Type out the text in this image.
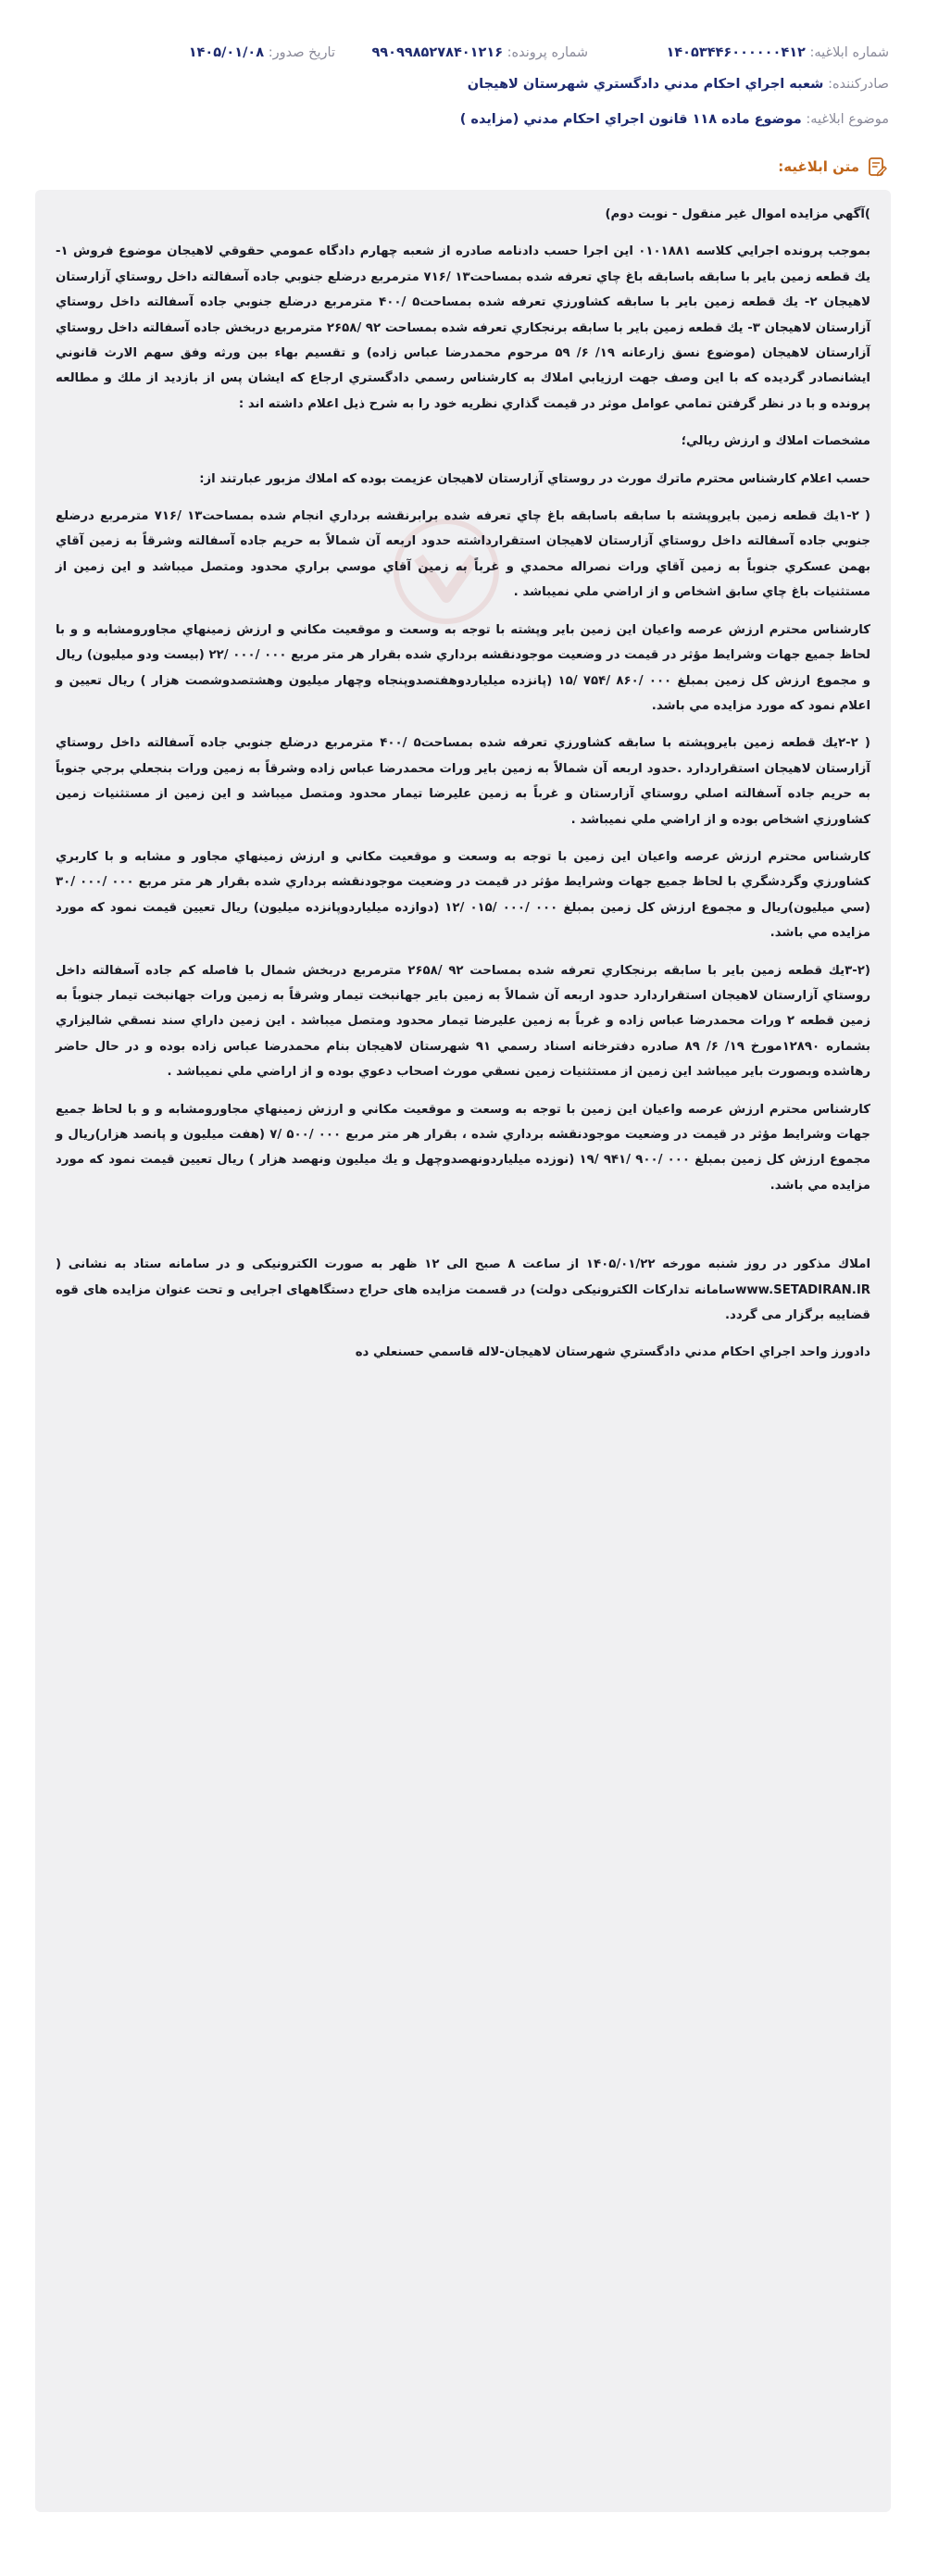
شماره ابلاغیه: ۱۴۰۵۳۴۴۶۰۰۰۰۰۰۴۱۲
شماره پرونده: ۹۹۰۹۹۸۵۲۷۸۴۰۱۲۱۶
تاریخ صدور: ۱۴۰۵/۰۱/۰۸
صادرکننده: شعبه اجراي احكام مدني دادگستري شهرستان لاهيجان
موضوع ابلاغیه: موضوع ماده ۱۱۸ قانون اجراي احكام مدني (مزايده )
متن ابلاغیه:

)آگهي مزايده اموال غير منقول - نوبت دوم)

بموجب پرونده اجرايي كلاسه ۰۱۰۱۸۸۱ اين اجرا حسب دادنامه صادره از شعبه چهارم دادگاه عمومي حقوقي لاهيجان موضوع فروش ۱- يك قطعه زمين باير با سابقه باسابقه باغ چاي تعرفه شده بمساحت۱۳ /۷۱۶ مترمربع درضلع جنوبي جاده آسفالته داخل روستاي آزارستان لاهيجان ۲- يك قطعه زمين باير با سابقه كشاورزي تعرفه شده بمساحت۵ /۴۰۰ مترمربع درضلع جنوبي جاده آسفالته داخل روستاي آزارستان لاهيجان ۳- يك قطعه زمين باير با سابقه برنجكاري تعرفه شده بمساحت ۹۲ /۲۶۵۸ مترمربع دربخش جاده آسفالته داخل روستاي آزارستان لاهيجان (موضوع نسق زارعانه ۱۹/ ۶/ ۵۹ مرحوم محمدرضا عباس زاده) و تقسيم بهاء بين ورثه وفق سهم الارث قانوني ايشانصادر گرديده كه با اين وصف جهت ارزيابي املاك به كارشناس رسمي دادگستري ارجاع كه ايشان پس از بازديد از ملك و مطالعه پرونده و با در نظر گرفتن تمامي عوامل موثر در قيمت گذاري نظريه خود را به شرح ذيل اعلام داشته اند :

مشخصات املاك و ارزش ريالي؛

حسب اعلام كارشناس محترم ماترك مورث در روستاي آزارستان لاهيجان عزيمت بوده كه املاك مزبور عبارتند از:

( ۱-۲يك قطعه زمين بايروپشته با سابقه باسابقه باغ چاي تعرفه شده برابرنقشه برداري انجام شده بمساحت۱۳ /۷۱۶ مترمربع درضلع جنوبي جاده آسفالته داخل روستاي آزارستان لاهيجان استقرارداشته حدود اربعه آن شمالاً به حريم جاده آسفالته وشرقاً به زمين آقاي بهمن عسكري جنوباً به زمين آقاي ورات نصراله محمدي و غرباً به زمين آقاي موسي براري محدود ومتصل ميباشد و اين زمين از مستثنيات باغ چاي سابق اشخاص و از اراضي ملي نميباشد .

كارشناس محترم ارزش عرصه واعيان اين زمين باير وپشته با توجه به وسعت و موقعيت مكاني و ارزش زمينهاي مجاورومشابه و و با لحاظ جميع جهات وشرايط مؤثر در قيمت در وضعيت موجودنقشه برداري شده بقرار هر متر مربع ۰۰۰ /۰۰۰ /۲۲ (بيست ودو ميليون) ريال و مجموع ارزش كل زمين بمبلغ ۰۰۰ /۸۶۰ /۷۵۴ /۱۵ (پانزده ميلياردوهفتصدوپنجاه وچهار ميليون وهشتصدوشصت هزار ) ريال تعيين و اعلام نمود كه مورد مزايده مي باشد.

( ۲-۲يك قطعه زمين بايروپشته با سابقه كشاورزي تعرفه شده بمساحت۵ /۴۰۰ مترمربع درضلع جنوبي جاده آسفالته داخل روستاي آزارستان لاهيجان استقراردارد .حدود اربعه آن شمالاً به زمين باير ورات محمدرضا عباس زاده وشرقاً به زمين ورات بنجعلي برجي جنوباً به حريم جاده آسفالته اصلي روستاي آزارستان و غرباً به زمين عليرضا تيمار محدود ومتصل ميباشد و اين زمين از مستثنيات زمين كشاورزي اشخاص بوده و از اراضي ملي نميباشد .

كارشناس محترم ارزش عرصه واعيان اين زمين با توجه به وسعت و موقعيت مكاني و ارزش زمينهاي مجاور و مشابه و با كاربري كشاورزي وگردشگري با لحاظ جميع جهات وشرايط مؤثر در قيمت در وضعيت موجودنقشه برداري شده بقرار هر متر مربع ۰۰۰ /۰۰۰ /۳۰ (سي ميليون)ريال و مجموع ارزش كل زمين بمبلغ ۰۰۰ /۰۰۰ /۰۱۵ /۱۲ (دوازده ميلياردوپانزده ميليون) ريال تعيين قيمت نمود كه مورد مزايده مي باشد.

(۳-۲يك قطعه زمين باير با سابقه برنجكاري تعرفه شده بمساحت ۹۲ /۲۶۵۸ مترمربع دربخش شمال با فاصله كم جاده آسفالته داخل روستاي آزارستان لاهيجان استقراردارد حدود اربعه آن شمالاً به زمين باير جهانبخت تيمار وشرقاً به زمين ورات جهانبخت تيمار جنوباً به زمين قطعه ۲ ورات محمدرضا عباس زاده و غرباً به زمين عليرضا تيمار محدود ومتصل ميباشد . اين زمين داراي سند نسقي شاليزاري بشماره ۱۲۸۹۰مورخ ۱۹/ ۶/ ۸۹ صادره دفترخانه اسناد رسمي ۹۱ شهرستان لاهيجان بنام محمدرضا عباس زاده بوده و در حال حاضر رهاشده وبصورت باير ميباشد اين زمين از مستثنيات زمين نسقي مورث اصحاب دعوي بوده و از اراضي ملي نميباشد .

كارشناس محترم ارزش عرصه واعيان اين زمين با توجه به وسعت و موقعيت مكاني و ارزش زمينهاي مجاورومشابه و و با لحاظ جميع جهات وشرايط مؤثر در قيمت در وضعيت موجودنقشه برداري شده ، بقرار هر متر مربع ۰۰۰ /۵۰۰ /۷ (هفت ميليون و پانصد هزار)ريال و مجموع ارزش كل زمين بمبلغ ۰۰۰ /۹۰۰ /۹۴۱ /۱۹ (نوزده ميلياردونهصدوچهل و يك ميليون ونهصد هزار ) ريال تعيين قيمت نمود كه مورد مزايده مي باشد.

املاك مذكور در روز شنبه مورخه ۱۴۰۵/۰۱/۲۲ از ساعت ۸ صبح الی ۱۲ ظهر به صورت الكترونيكی و در سامانه ستاد به نشانی ( www.SETADIRAN.IRسامانه تداركات الكترونيكی دولت) در قسمت مزايده های حراج دستگاههای اجرايی و تحت عنوان مزايده های قوه قضاييه برگزار می گردد.

دادورز واحد اجراي احكام مدني دادگستري شهرستان لاهيجان-لاله قاسمي حسنعلي ده
